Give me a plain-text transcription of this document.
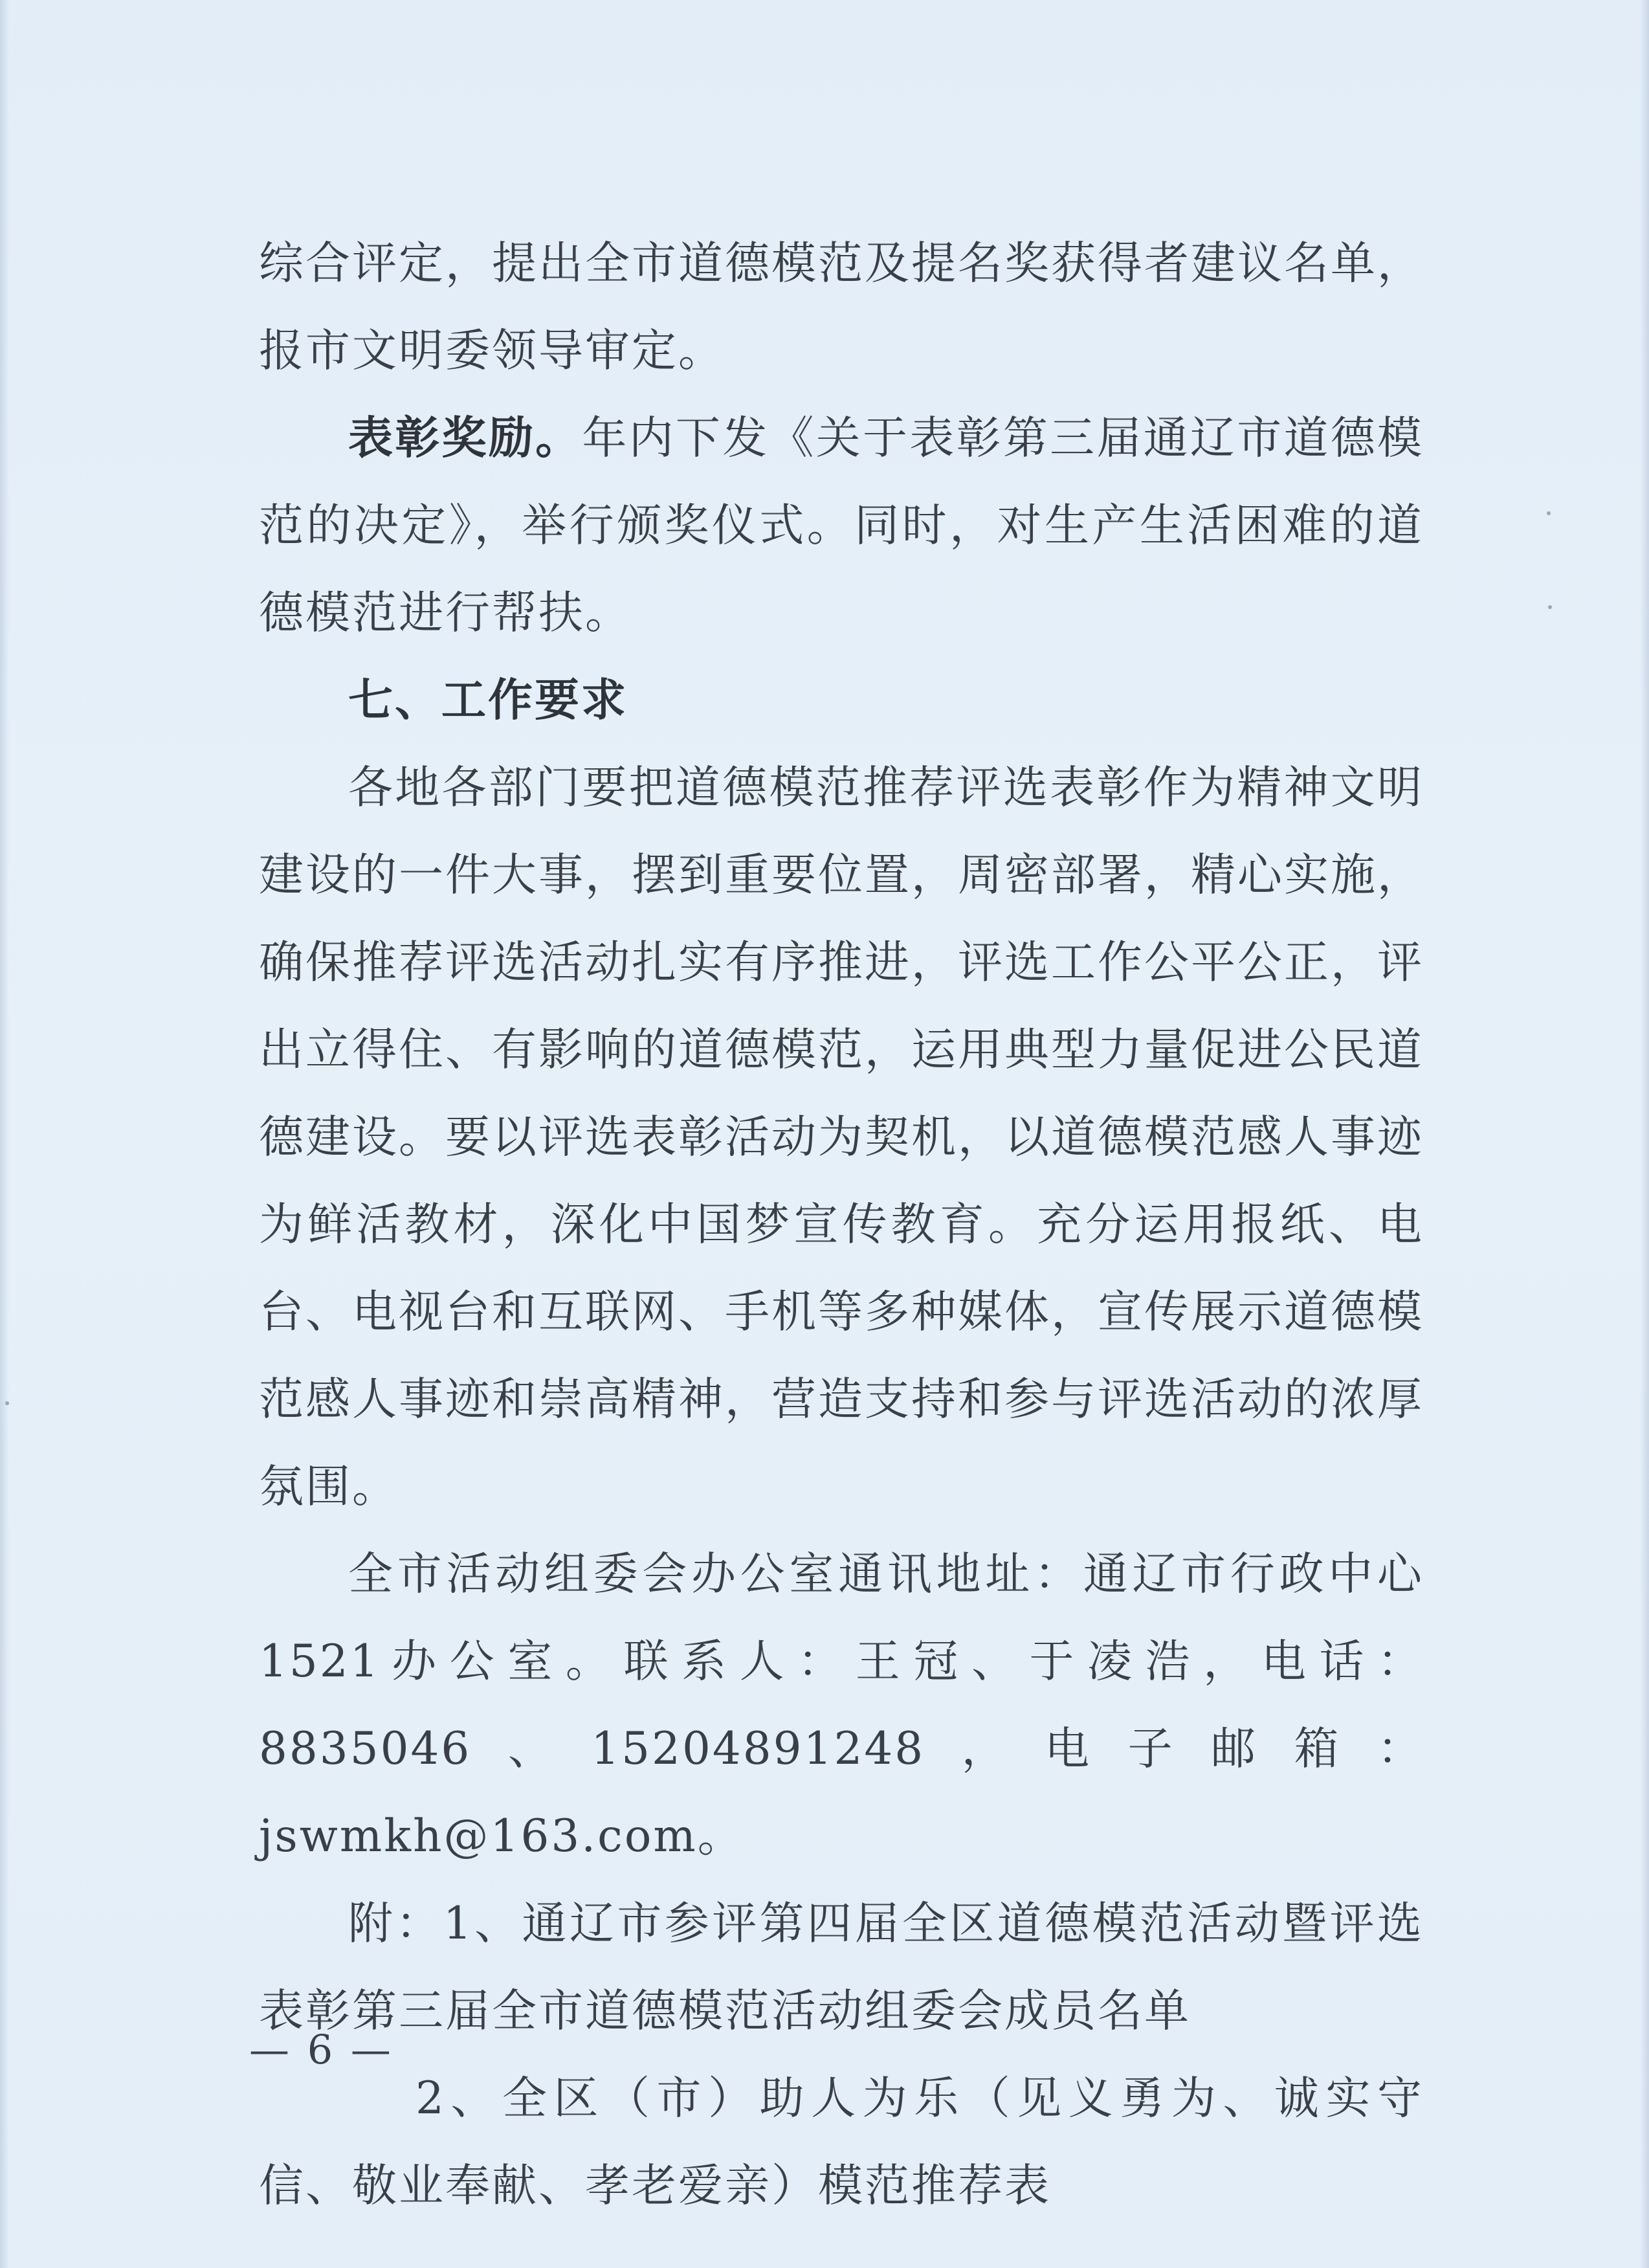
综合评定，提出全市道德模范及提名奖获得者建议名单，报市文明委领导审定。

表彰奖励。年内下发《关于表彰第三届通辽市道德模范的决定》，举行颁奖仪式。同时，对生产生活困难的道德模范进行帮扶。

七、工作要求

各地各部门要把道德模范推荐评选表彰作为精神文明建设的一件大事，摆到重要位置，周密部署，精心实施，确保推荐评选活动扎实有序推进，评选工作公平公正，评出立得住、有影响的道德模范，运用典型力量促进公民道德建设。要以评选表彰活动为契机，以道德模范感人事迹为鲜活教材，深化中国梦宣传教育。充分运用报纸、电台、电视台和互联网、手机等多种媒体，宣传展示道德模范感人事迹和崇高精神，营造支持和参与评选活动的浓厚氛围。

全市活动组委会办公室通讯地址：通辽市行政中心 1521办公室。联系人：王冠、于凌浩，电话：8835046、15204891248，电子邮箱：jswmkh@163.com。

附：1、通辽市参评第四届全区道德模范活动暨评选表彰第三届全市道德模范活动组委会成员名单

2、全区（市）助人为乐（见义勇为、诚实守信、敬业奉献、孝老爱亲）模范推荐表

— 6 —
